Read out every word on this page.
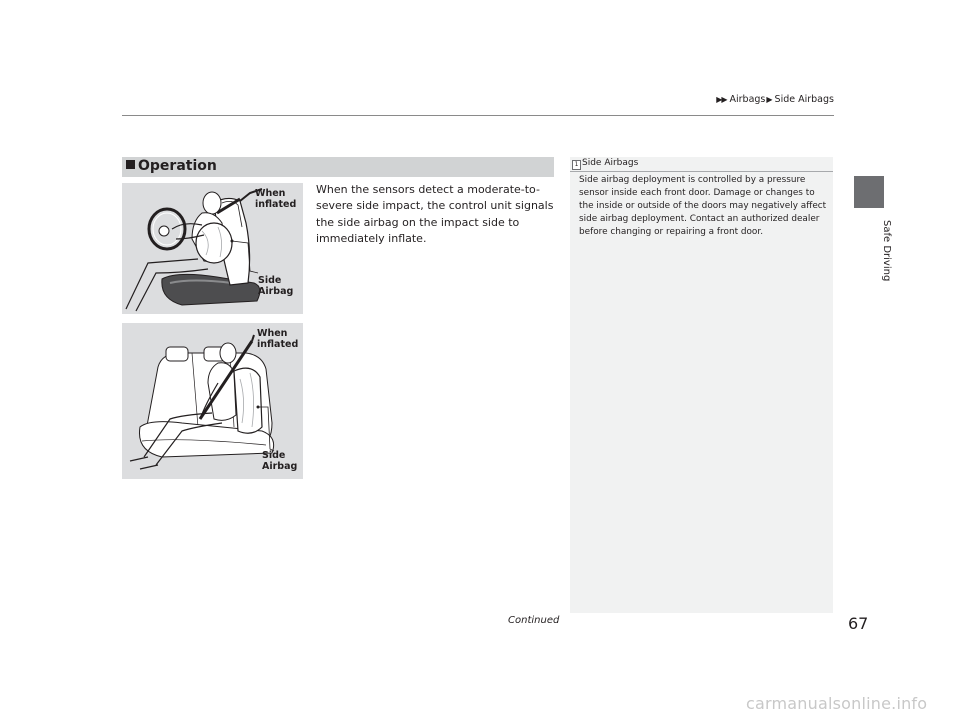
▶▶ Airbags▶ Side Airbags
Safe Driving
Operation
When the sensors detect a moderate-to-severe side impact, the control unit signals the side airbag on the impact side to immediately inflate.
When
inflated
Side
Airbag
When
inflated
Side
Airbag
1 Side Airbags
Side airbag deployment is controlled by a pressure sensor inside each front door. Damage or changes to the inside or outside of the doors may negatively affect side airbag deployment. Contact an authorized dealer before changing or repairing a front door.
Continued	67
carmanualsonline.info
